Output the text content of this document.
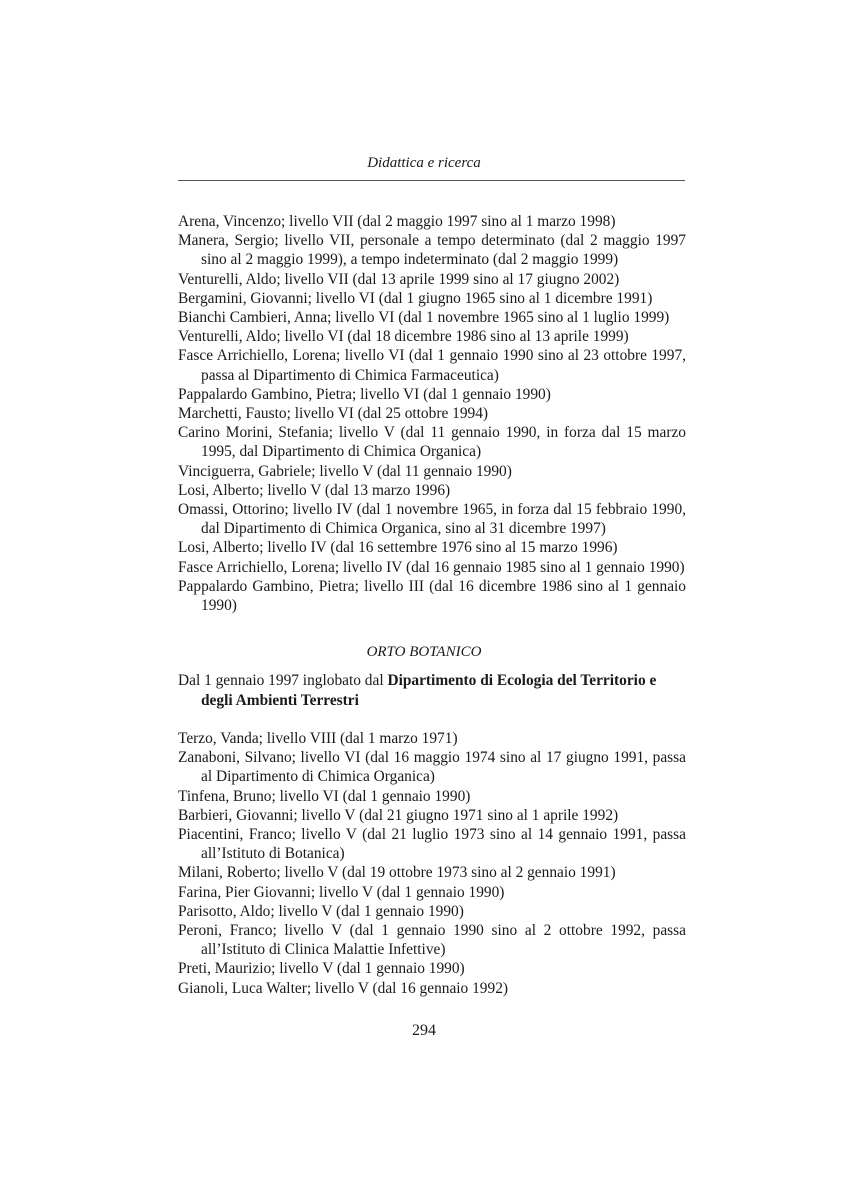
Didattica e ricerca

Arena, Vincenzo; livello VII (dal 2 maggio 1997 sino al 1 marzo 1998)

Manera, Sergio; livello VII, personale a tempo determinato (dal 2 maggio 1997 sino al 2 maggio 1999), a tempo indeterminato (dal 2 maggio 1999)

Venturelli, Aldo; livello VII (dal 13 aprile 1999 sino al 17 giugno 2002)

Bergamini, Giovanni; livello VI (dal 1 giugno 1965 sino al 1 dicembre 1991)

Bianchi Cambieri, Anna; livello VI (dal 1 novembre 1965 sino al 1 luglio 1999)

Venturelli, Aldo; livello VI (dal 18 dicembre 1986 sino al 13 aprile 1999)

Fasce Arrichiello, Lorena; livello VI (dal 1 gennaio 1990 sino al 23 ottobre 1997, passa al Dipartimento di Chimica Farmaceutica)

Pappalardo Gambino, Pietra; livello VI (dal 1 gennaio 1990)

Marchetti, Fausto; livello VI (dal 25 ottobre 1994)

Carino Morini, Stefania; livello V (dal 11 gennaio 1990, in forza dal 15 marzo 1995, dal Dipartimento di Chimica Organica)

Vinciguerra, Gabriele; livello V (dal 11 gennaio 1990)

Losi, Alberto; livello V (dal 13 marzo 1996)

Omassi, Ottorino; livello IV (dal 1 novembre 1965, in forza dal 15 febbraio 1990, dal Dipartimento di Chimica Organica, sino al 31 dicembre 1997)

Losi, Alberto; livello IV (dal 16 settembre 1976 sino al 15 marzo 1996)

Fasce Arrichiello, Lorena; livello IV (dal 16 gennaio 1985 sino al 1 gennaio 1990)

Pappalardo Gambino, Pietra; livello III (dal 16 dicembre 1986 sino al 1 gennaio 1990)

ORTO BOTANICO
Dal 1 gennaio 1997 inglobato dal Dipartimento di Ecologia del Territorio e degli Ambienti Terrestri

Terzo, Vanda; livello VIII (dal 1 marzo 1971)

Zanaboni, Silvano; livello VI (dal 16 maggio 1974 sino al 17 giugno 1991, passa al Dipartimento di Chimica Organica)

Tinfena, Bruno; livello VI (dal 1 gennaio 1990)

Barbieri, Giovanni; livello V (dal 21 giugno 1971 sino al 1 aprile 1992)

Piacentini, Franco; livello V (dal 21 luglio 1973 sino al 14 gennaio 1991, passa all’Istituto di Botanica)

Milani, Roberto; livello V (dal 19 ottobre 1973 sino al 2 gennaio 1991)

Farina, Pier Giovanni; livello V (dal 1 gennaio 1990)

Parisotto, Aldo; livello V (dal 1 gennaio 1990)

Peroni, Franco; livello V (dal 1 gennaio 1990 sino al 2 ottobre 1992, passa all’Istituto di Clinica Malattie Infettive)

Preti, Maurizio; livello V (dal 1 gennaio 1990)

Gianoli, Luca Walter; livello V (dal 16 gennaio 1992)

294
